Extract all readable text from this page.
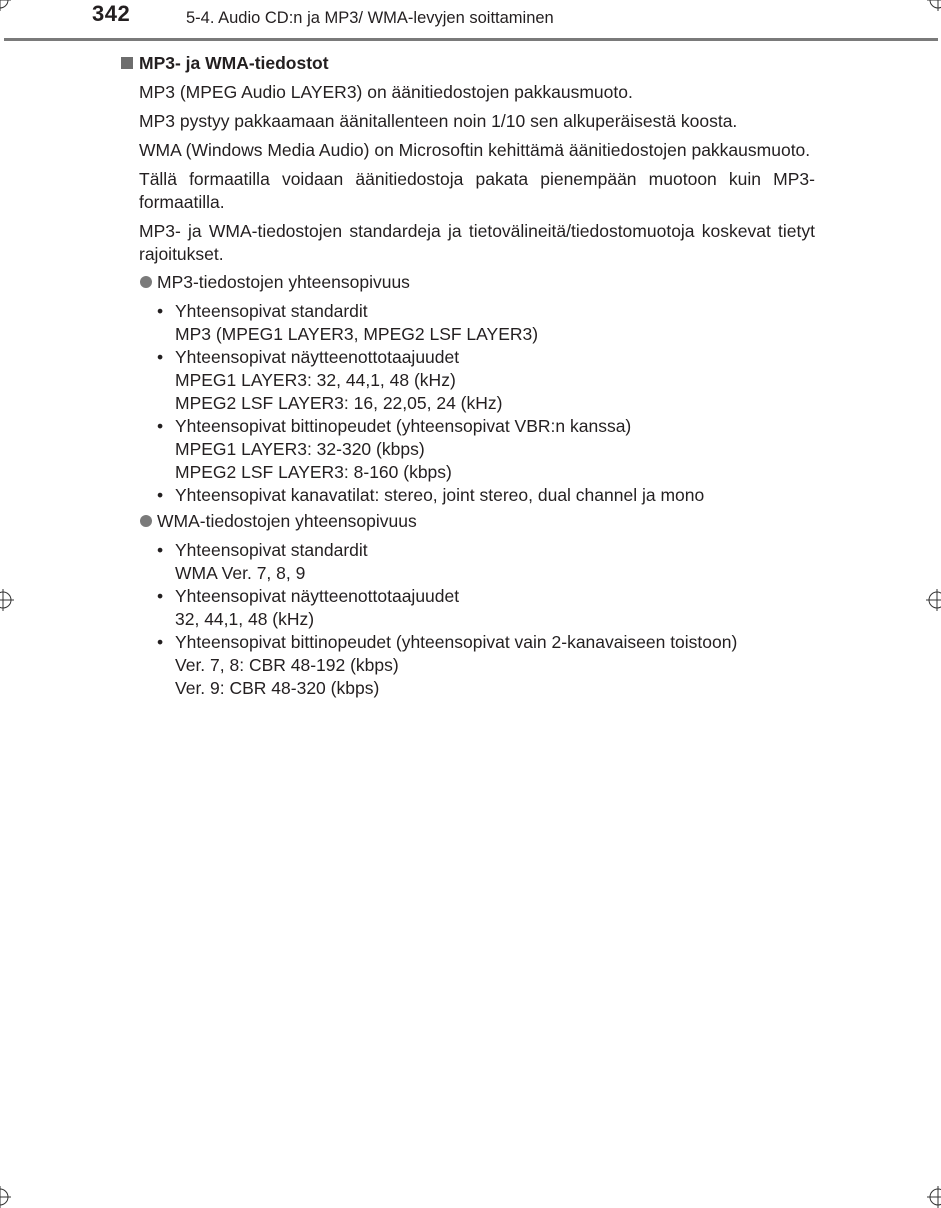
342	5-4. Audio CD:n ja MP3/ WMA-levyjen soittaminen
MP3- ja WMA-tiedostot
MP3 (MPEG Audio LAYER3) on äänitiedostojen pakkausmuoto.
MP3 pystyy pakkaamaan äänitallenteen noin 1/10 sen alkuperäisestä koosta.
WMA (Windows Media Audio) on Microsoftin kehittämä äänitiedostojen pakkausmuoto.
Tällä formaatilla voidaan äänitiedostoja pakata pienempään muotoon kuin MP3-formaatilla.
MP3- ja WMA-tiedostojen standardeja ja tietovälineitä/tiedostomuotoja koskevat tietyt rajoitukset.
MP3-tiedostojen yhteensopivuus
• Yhteensopivat standardit
MP3 (MPEG1 LAYER3, MPEG2 LSF LAYER3)
• Yhteensopivat näytteenottotaajuudet
MPEG1 LAYER3: 32, 44,1, 48 (kHz)
MPEG2 LSF LAYER3: 16, 22,05, 24 (kHz)
• Yhteensopivat bittinopeudet (yhteensopivat VBR:n kanssa)
MPEG1 LAYER3: 32-320 (kbps)
MPEG2 LSF LAYER3: 8-160 (kbps)
• Yhteensopivat kanavatilat: stereo, joint stereo, dual channel ja mono
WMA-tiedostojen yhteensopivuus
• Yhteensopivat standardit
WMA Ver. 7, 8, 9
• Yhteensopivat näytteenottotaajuudet
32, 44,1, 48 (kHz)
• Yhteensopivat bittinopeudet (yhteensopivat vain 2-kanavaiseen toistoon)
Ver. 7, 8: CBR 48-192 (kbps)
Ver. 9: CBR 48-320 (kbps)
